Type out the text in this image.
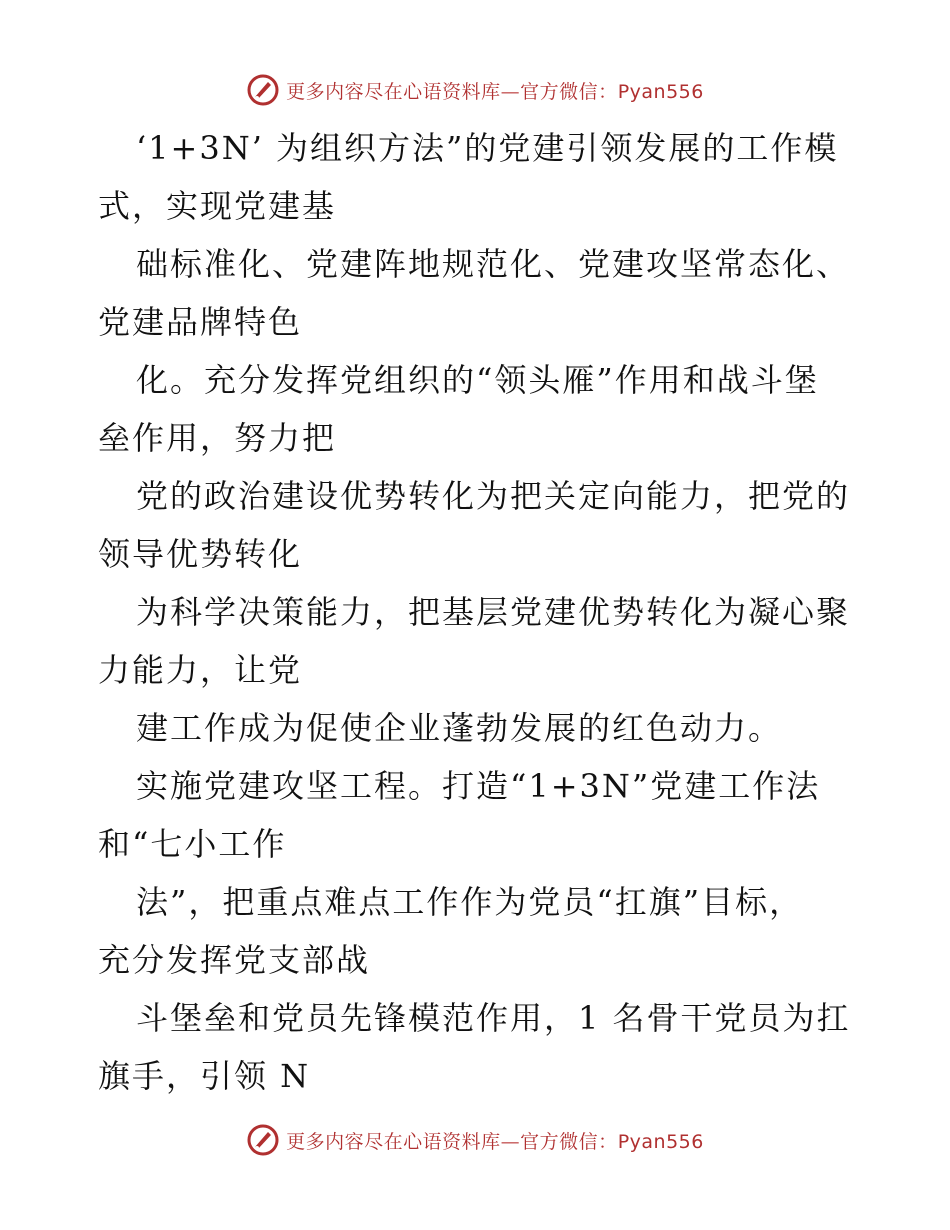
更多内容尽在心语资料库—官方微信：Pyan556
‘1+3N’ 为组织方法”的党建引领发展的工作模
式，实现党建基
础标准化、党建阵地规范化、党建攻坚常态化、
党建品牌特色
化。充分发挥党组织的“领头雁”作用和战斗堡
垒作用，努力把
党的政治建设优势转化为把关定向能力，把党的
领导优势转化
为科学决策能力，把基层党建优势转化为凝心聚
力能力，让党
建工作成为促使企业蓬勃发展的红色动力。
实施党建攻坚工程。打造“1+3N”党建工作法
和“七小工作
法”，把重点难点工作作为党员“扛旗”目标，
充分发挥党支部战
斗堡垒和党员先锋模范作用，1 名骨干党员为扛
旗手，引领 N
更多内容尽在心语资料库—官方微信：Pyan556
